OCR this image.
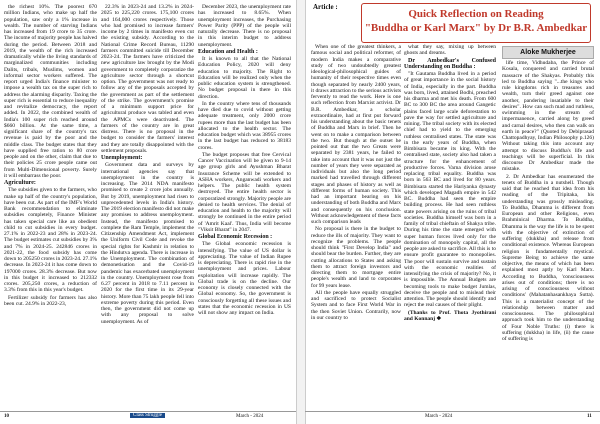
the richest 10%. The poorest 670 million Indians, who make up half the population, saw only a 1% increase in wealth. The number of starving Indians has increased from 19 crore to 35 crore. The income of majority people has halved during the period. Between 2018 and 2019, the wealth of the rich increased dramatically while the living standards of marginalized communities including Dalits, tribals, Muslims, women and informal sector workers suffered. The report urged India's finance minister to impose a wealth tax on the super rich to address the alarming disparity. Taxing the super rich is essential to reduce inequality and revitalize democracy, the report added. In 2022, the combined wealth of India's 100 super rich reached around $660 billion. At the same time, a significant share of the country's tax revenue is paid by the poor and the middle class. The budget states that they have supplied free ration to 80 crore people and on the other, claim that due to their policies 25 crore people came out from Multi-Dimensional poverty. Surely it will embarrass the poor.

Agriculture:

The subsidies given to the farmers, who make up half of the country's population, have been cut. As part of the IMF's World Bank recommendation to eliminate subsidies completely, Finance Minister has taken special care like an obedient child to cut subsidies in every budget. 27.1% in 2022-23 and 28% in 2023-24. The budget estimates cut subsidies by 3% and 7% in 2024-25. 242846 crores in 2021-22, the food subsidy has come down to 205250 crores in 2023-24. 27.1% decrease. In 2023-24 it has come down to 197000 crores. 28.3% decrease. But now in this budget it increased to 212332 crores. 205,250 crores, a reduction of 3.3% from this in this year's budget.

Fertilizer subsidy for farmers has also been cut. 24.9% in 2022-23,

22.3% in 2023-24 and 13.2% in 2024-2025 to 225,220 crores. 175,100 crores and 164,000 crores respectively. Those who had promised to increase farmers' income by 2 times in manifesto even cut the existing subsidy. According to the National Crime Record Bureau, 11290 farmers committed suicide till December 2023-24. The farmers have criticized the new agriculture law brought by the Modi government to completely corporatize the agriculture sector through a shortcut option. The government was not ready to follow any of the proposals accepted by the government as part of the settlement of the strike. The government's promise of a minimum support price for agricultural produce was tabled and even the APMCs were deactivated. The farmers of the country are in great distress. There is no proposal in the budget to consider the farmers' interest and they are totally disappointed with the settlement proposals.

Unemployment:

Government data and surveys by international agencies say that unemployment in the country is increasing. The 2014 NDA manifesto promised to create 2 crore jobs annually. But by 2019, unemployment had risen to unprecedented levels in India's history. The 2019 election manifesto did not make any promises to address unemployment. Instead, the manifesto promised to complete the Ram Temple, implement the Citizenship Amendment Act, implement the Uniform Civil Code and revoke the special rights for Kashmir in relation to the Hindutva agenda. There is increase in the Unemployment. The combination of demonetisation and the Covid-19 pandemic has exacerbated unemployment in the country. Unemployment rose from 6.27 percent in 2018 to 7.11 percent in 2020 for the first time in its 29-year history. More than 75 lakh people fell into extreme poverty during this period. Even then, the government did not come up with any proposal to solve unemployment. As of

December 2023, the unemployment rate has increased to 8.65%. When unemployment increases, the Purchasing Power Parity (PPP) of the people will naturally decrease. There is no proposal in this interim budget to address unemployment.

Education and Health :

It is known to all that the National Education Policy, 2020 will deny education to majority. The Right to Education will be realized only when the public education system is strengthened. No budget proposal in there in this direction.

In the country where tens of thousands have died due to covid without getting adequate treatment, only 2000 crore rupees more than the last budget has been allocated to the health sector. The education budget which was 38955 crores in the last budget has reduced to 38183 crores.

The budget proposes that free Cervical Cancer Vaccination will be given to 9-14 age group girls and Ayushman Bharat Insurance Scheme will be extended to ASHA workers, Anganwadi workers and helpers. The public health system destroyed. The entire health sector is corporatized strongly. Majority people are denied to health services. The denial of education and health to the majority will strongly be continued in the entire period of 'Amrit Kaal'. Thus, India will become "Viksit Bharat" in 2047.

Global Economic Recession :

The Global economic recession is intensifying. The value of US dollar is appreciating. The value of Indian Rupee is depreciating. There is rapid rise in the unemployment and prices. Labour exploitation will increase rapidly. The Global trade is on the decline. Our economy is closely connected with the Global economy. So, the government is consciously forgetting all these issues and states that the economic recession in US will not show any impact on India.

10	Class Struggle	March - 2024
Article :
Quick Reflection on Reading
"Buddha or Karl Marx" by Dr B.R. Ambedkar
Aloke Mukherjee

When one of the greatest thinkers, a famous social and political reformer, of modern India makes a comparative study of two undoubtedly greatest ideological-philosophical guides of humanity of their respective times even though separated by nearly 2400 years, it draws attraction to the serious activists fervently to read the work. Here is one such reflection from Marxist activist. Dr B.R. Ambedkar, a scholar extraordinaire, had at first put forward his understanding about the basic tenets of Buddha and Marx in brief. Then he went on to make a comparison between the two. But though at the outset he pointed out that the two Greats were separated by 2381 years, he failed to take into account that it was not just the number of years they were separated as individuals but also the long period marked had travelled through different stages and phases of history as well as different forms of human society. This had an important bearing on his understanding of both Buddha and Marx and consequently on his conclusion. Without acknowledgement of these facts such comparison leads

No proposal is there in the budget to reduce the ills of majority. They want to recognize the problems. The people should think "First Develop India" and should bear the burden. Further, they are cutting allocations to States and asking them to attract foreign investors and directing them to mortgage entire people's wealth and land to corporates for 99 years lease.

All the people have equally struggled and sacrificed to protect Socialist System and to face First World War in the then Soviet Union. Contrarily, now in our country to

what they say, mixing up between ghosts and dreams.

Dr Ambedkar's Confused Understanding on Buddha :

"It Gautama Buddha lived in a period of great importance in the social history of India, especially in the part. Buddha was born, lived, attained Bodhi, preached his dharma and met his death. From 600 BC to 300 BC the area around Gangetic plains faced large scale deforestation to pave the way for settled agriculture and mining. The tribal society with its elected chief had to yield to the emerging ruthless centralised states. The state was in the early years of Buddha, when Bimbisara became its king. With the centralised state, society also had taken a structure for the enhancement of productive forces. Varna division arose replacing tribal equality. Buddha was born in 563 BC and lived for 80 years. Bimbisara started the Hariyanka dynasty which developed Magadh empire in 542 BC. Buddha had seen the empire building process. He had seen ruthless state powers arising on the ruins of tribal societies. Buddha himself was born in a family of tribal chieftain of Shakya tribe. During his time the state emerged with super human forces lived only for the domination of monopoly capital, all the people are asked to sacrifice. All this is to ensure profit guarantee to monopolies. The poor will sustain survive and sustain with the economic realities of intensifying the crisis of majority? No, it is impossible. The Annual Budgets are becoming tools to make budget Jumlas, deceive the people and to mislead their attention. The people should identify and reject the real causes of their plight.

(Thanks to Prof. Thota Jyothirani and Konnanj ❖

life time, Vidhudaba, the Prince of Kosala, conquered and carried brutal massacre of the Shakyas. Probably this led to Buddha saying "...the kings who rule kingdoms rich in treasures and wealth, turn their greed against one another, pandering insatiable to their desires". How can such mad and ruthless, swimming in the stream of impermanence, carried along by greed and carnal desires, who then can walk on earth in peace?" (Quoted by Debiprasad Chattopadhyay, Indian Philosophy p.126) Without taking this into account any attempt to discuss Buddha's life and teachings will be superficial. In this discourse Dr Ambedkar made the mistake.

2. Dr Ambedkar has enumerated the tenets of Buddha in a nutshell. Though said that he reached that idea from his reading of the Tripitaka, his understanding was grossly misleading. To Buddha, Dhamma is different from European and other Religions, even Brahminical Dharma. To Buddha, Dhamma is the way the life is to be spent with the objective of extinction of suffering (dukkha) and release from conditional existence. Whereas European religion is fundamentally mystical. Supreme Being to achieve the same objective, the means of which has been explained most aptly by Karl Marx. According to Buddha, 'consciousness arises out of conditions; there is no arising of consciousness without conditions' (Mahatanhasankhaya Sutta). This is a materialist concept of the relationship between matter and consciousness. The philosophical approach took him to the understanding of Four Noble Truths: (i) there is suffering (dukkha) in life, (ii) the cause of suffering is

March - 2024	11
